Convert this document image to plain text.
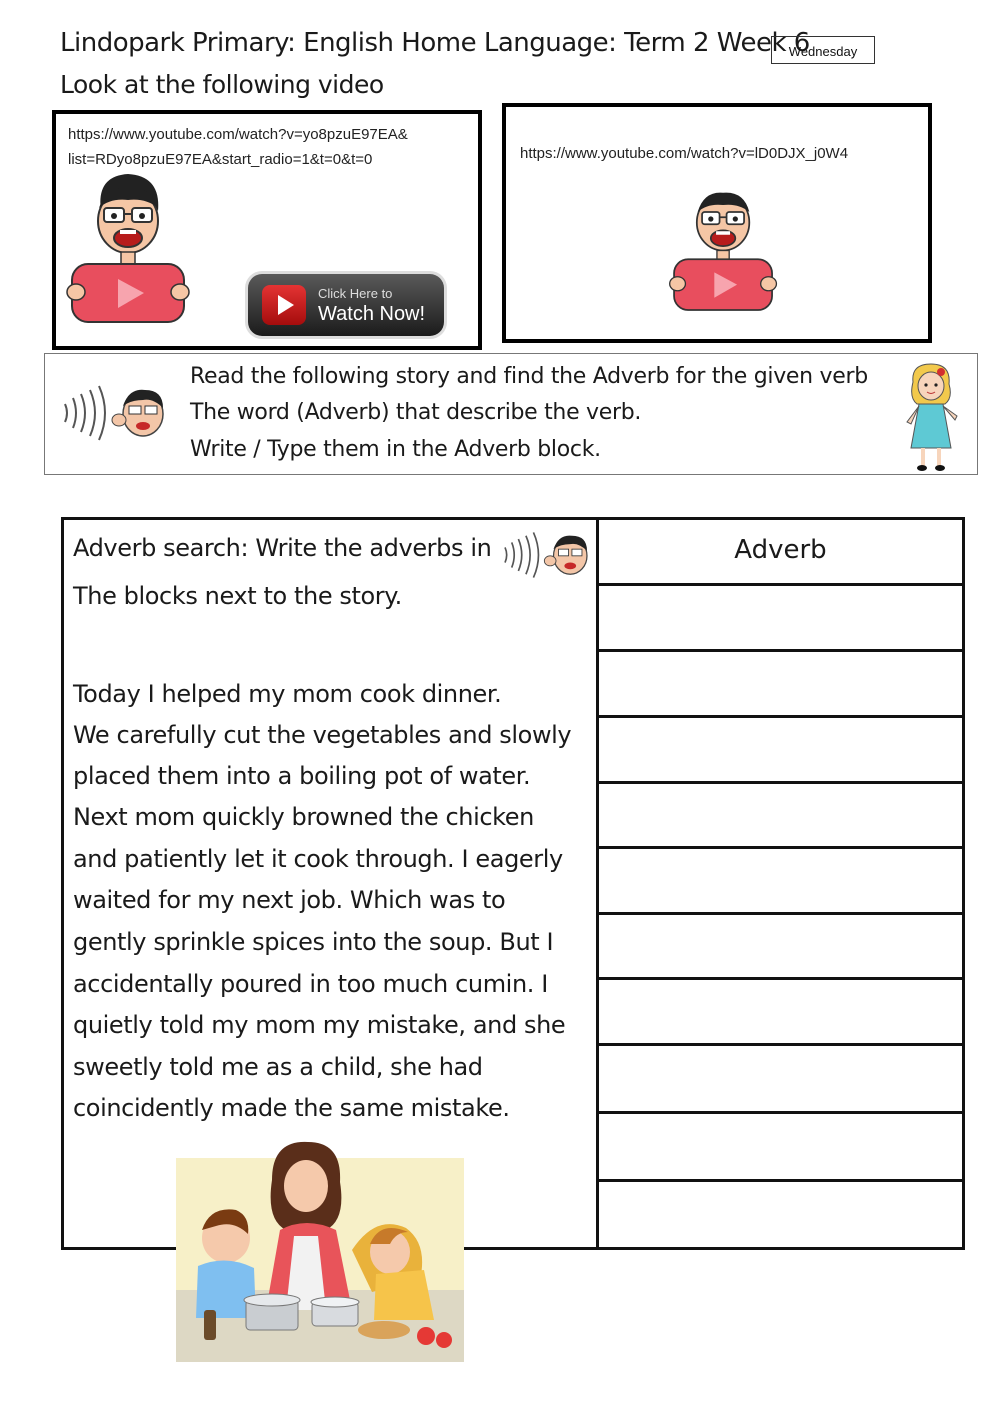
Lindopark Primary: English Home Language: Term 2 Week 6
Wednesday
Look at the following video
https://www.youtube.com/watch?v=yo8pzuE97EA&
list=RDyo8pzuE97EA&start_radio=1&t=0&t=0
Click Here to
Watch Now!
https://www.youtube.com/watch?v=lD0DJX_j0W4
Read the following story and find the Adverb for the given verb
The word (Adverb) that describe the verb.
Write / Type them in the Adverb block.
Adverb search: Write the adverbs in
The blocks next to the story.
Today I helped my mom cook dinner.
We carefully cut the vegetables and slowly
placed them into a boiling pot of water.
Next mom quickly browned the chicken
and patiently let it cook through. I eagerly
waited for my next job. Which was to
gently sprinkle spices into the soup. But I
accidentally poured in too much cumin. I
quietly told my mom my mistake, and she
sweetly told me as a child, she had
coincidently made the same mistake.
Adverb
